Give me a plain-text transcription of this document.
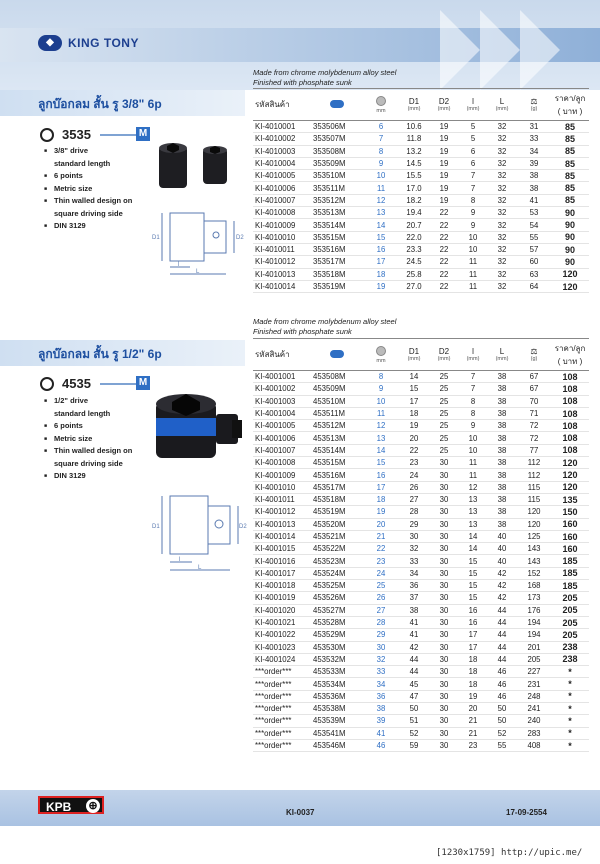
◆	KING TONY
Made from chrome molybdenum alloy steel
Finished with phosphate sunk
ลูกบ๊อกลม สั้น รู 3/8" 6p
3535	M
■ 3/8" drive
standard length
■ 6 points
■ Metric size
■ Thin walled design on
square driving side
■ DIN 3129
D1	D2
l
L
รหัสสินค้า		mm	D1
(mm)	D2
(mm)	l
(mm)	L
(mm)	⚖
(g)	ราคา/ลูก
( บาท )
KI-4010001	353506M	6	10.6	19	5	32	31	85
KI-4010002	353507M	7	11.8	19	5	32	33	85
KI-4010003	353508M	8	13.2	19	6	32	34	85
KI-4010004	353509M	9	14.5	19	6	32	39	85
KI-4010005	353510M	10	15.5	19	7	32	38	85
KI-4010006	353511M	11	17.0	19	7	32	38	85
KI-4010007	353512M	12	18.2	19	8	32	41	85
KI-4010008	353513M	13	19.4	22	9	32	53	90
KI-4010009	353514M	14	20.7	22	9	32	54	90
KI-4010010	353515M	15	22.0	22	10	32	55	90
KI-4010011	353516M	16	23.3	22	10	32	57	90
KI-4010012	353517M	17	24.5	22	11	32	60	90
KI-4010013	353518M	18	25.8	22	11	32	63	120
KI-4010014	353519M	19	27.0	22	11	32	64	120
Made from chrome molybdenum alloy steel
Finished with phosphate sunk
ลูกบ๊อกลม สั้น รู 1/2" 6p
4535	M
■ 1/2" drive
standard length
■ 6 points
■ Metric size
■ Thin walled design on
square driving side
■ DIN 3129
D1	D2
l
L
รหัสสินค้า		mm	D1
(mm)	D2
(mm)	l
(mm)	L
(mm)	⚖
(g)	ราคา/ลูก
( บาท )
KI-4001001	453508M	8	14	25	7	38	67	108
KI-4001002	453509M	9	15	25	7	38	67	108
KI-4001003	453510M	10	17	25	8	38	70	108
KI-4001004	453511M	11	18	25	8	38	71	108
KI-4001005	453512M	12	19	25	9	38	72	108
KI-4001006	453513M	13	20	25	10	38	72	108
KI-4001007	453514M	14	22	25	10	38	77	108
KI-4001008	453515M	15	23	30	11	38	112	120
KI-4001009	453516M	16	24	30	11	38	112	120
KI-4001010	453517M	17	26	30	12	38	115	120
KI-4001011	453518M	18	27	30	13	38	115	135
KI-4001012	453519M	19	28	30	13	38	120	150
KI-4001013	453520M	20	29	30	13	38	120	160
KI-4001014	453521M	21	30	30	14	40	125	160
KI-4001015	453522M	22	32	30	14	40	143	160
KI-4001016	453523M	23	33	30	15	40	143	185
KI-4001017	453524M	24	34	30	15	42	152	185
KI-4001018	453525M	25	36	30	15	42	168	185
KI-4001019	453526M	26	37	30	15	42	173	205
KI-4001020	453527M	27	38	30	16	44	176	205
KI-4001021	453528M	28	41	30	16	44	194	205
KI-4001022	453529M	29	41	30	17	44	194	205
KI-4001023	453530M	30	42	30	17	44	201	238
KI-4001024	453532M	32	44	30	18	44	205	238
***order***	453533M	33	44	30	18	46	227	*
***order***	453534M	34	45	30	18	46	231	*
***order***	453536M	36	47	30	19	46	248	*
***order***	453538M	38	50	30	20	50	241	*
***order***	453539M	39	51	30	21	50	240	*
***order***	453541M	41	52	30	21	52	283	*
***order***	453546M	46	59	30	23	55	408	*
KPB ⊕
KI-0037	17-09-2554
[1230x1759] http://upic.me/
